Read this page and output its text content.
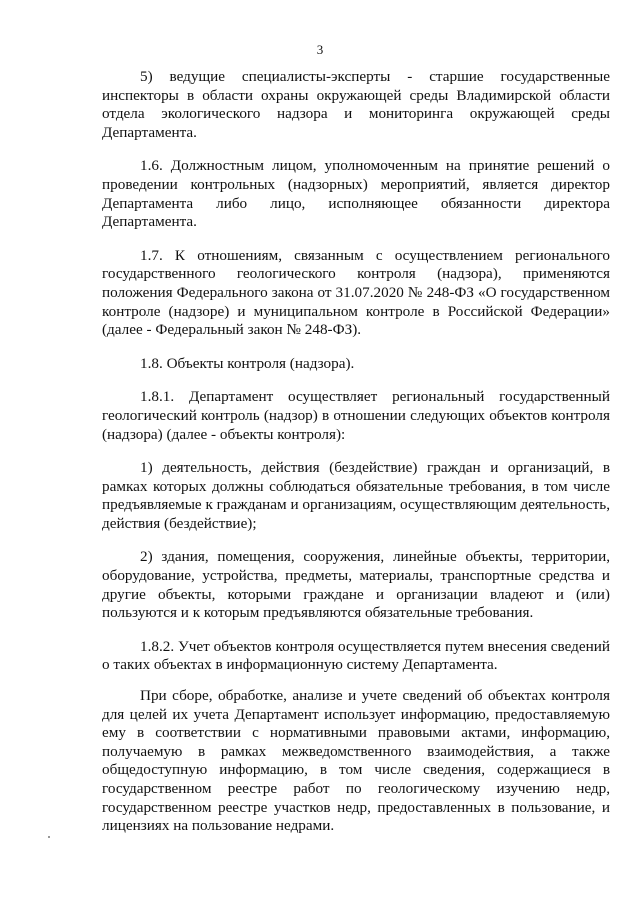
3

5) ведущие специалисты-эксперты - старшие государственные инспекторы в области охраны окружающей среды Владимирской области отдела экологического надзора и мониторинга окружающей среды Департамента.

1.6. Должностным лицом, уполномоченным на принятие решений о проведении контрольных (надзорных) мероприятий, является директор Департамента либо лицо, исполняющее обязанности директора Департамента.

1.7. К отношениям, связанным с осуществлением регионального государственного геологического контроля (надзора), применяются положения Федерального закона от 31.07.2020 № 248-ФЗ «О государственном контроле (надзоре) и муниципальном контроле в Российской Федерации» (далее - Федеральный закон № 248-ФЗ).

1.8. Объекты контроля (надзора).

1.8.1. Департамент осуществляет региональный государственный геологический контроль (надзор) в отношении следующих объектов контроля (надзора) (далее - объекты контроля):

1) деятельность, действия (бездействие) граждан и организаций, в рамках которых должны соблюдаться обязательные требования, в том числе предъявляемые к гражданам и организациям, осуществляющим деятельность, действия (бездействие);

2) здания, помещения, сооружения, линейные объекты, территории, оборудование, устройства, предметы, материалы, транспортные средства и другие объекты, которыми граждане и организации владеют и (или) пользуются и к которым предъявляются обязательные требования.

1.8.2. Учет объектов контроля осуществляется путем внесения сведений о таких объектах в информационную систему Департамента.

При сборе, обработке, анализе и учете сведений об объектах контроля для целей их учета Департамент использует информацию, предоставляемую ему в соответствии с нормативными правовыми актами, информацию, получаемую в рамках межведомственного взаимодействия, а также общедоступную информацию, в том числе сведения, содержащиеся в государственном реестре работ по геологическому изучению недр, государственном реестре участков недр, предоставленных в пользование, и лицензиях на пользование недрами.
